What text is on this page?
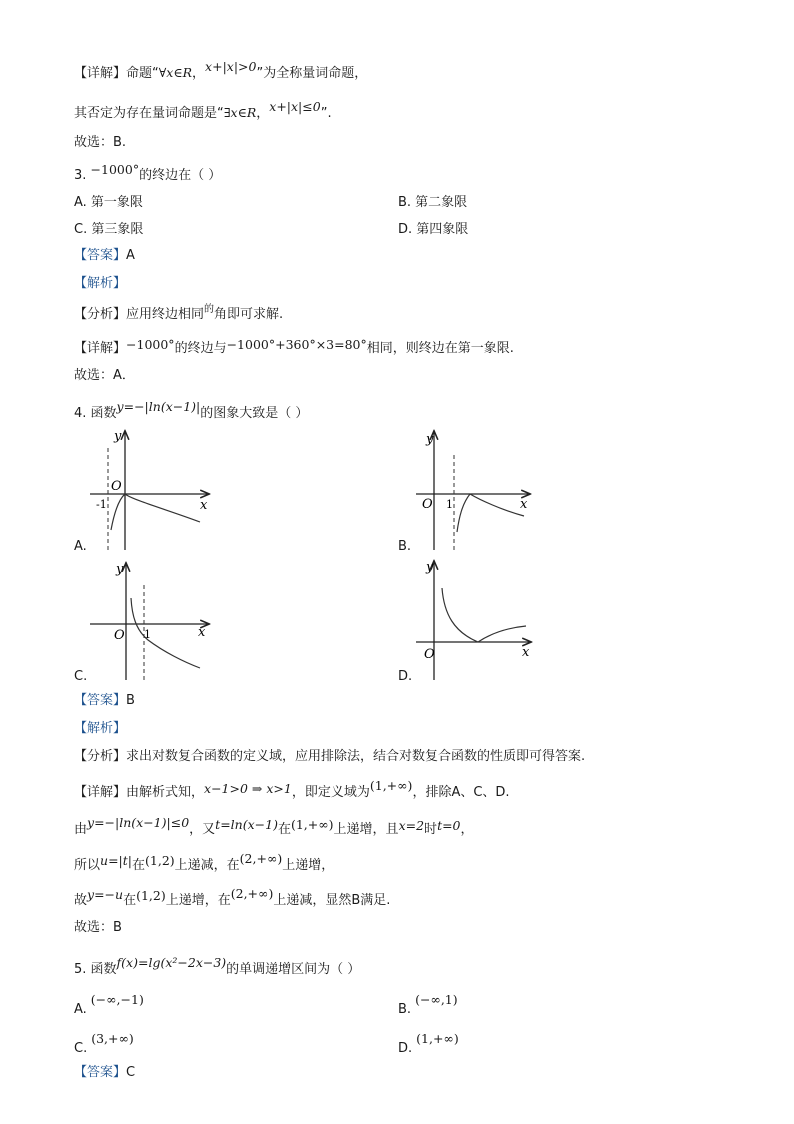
【详解】命题“∀x∈R，x+|x|>0”为全称量词命题，
其否定为存在量词命题是“∃x∈R，x+|x|≤0”.
故选：B.
3. −1000°的终边在（ ）
A. 第一象限	B. 第二象限
C. 第三象限	D. 第四象限
【答案】A
【解析】
【分析】应用终边相同$^的$角即可求解.
【详解】−1000°的终边与−1000°+360°×3=80°相同，则终边在第一象限.
故选：A．
4. 函数y=−|ln(x−1)|的图象大致是（ ）
y
x
O
-1
A.
y
x
O 1
B.
y
x
O 1
C.
y
x
O
D.
【答案】B
【解析】
【分析】求出对数复合函数的定义域，应用排除法，结合对数复合函数的性质即可得答案.
【详解】由解析式知，x−1>0 ⇒ x>1，即定义域为(1,+∞)，排除A、C、D.
由y=−|ln(x−1)|≤0，又t=ln(x−1)在(1,+∞)上递增，且x=2时t=0，
所以u=|t|在(1,2)上递减，在(2,+∞)上递增，
故y=−u在(1,2)上递增，在(2,+∞)上递减，显然B满足.
故选：B
5. 函数f(x)=lg(x²−2x−3)的单调递增区间为（ ）
A.(−∞,−1)
B.(−∞,1)
C.(3,+∞)
D.(1,+∞)
【答案】C
